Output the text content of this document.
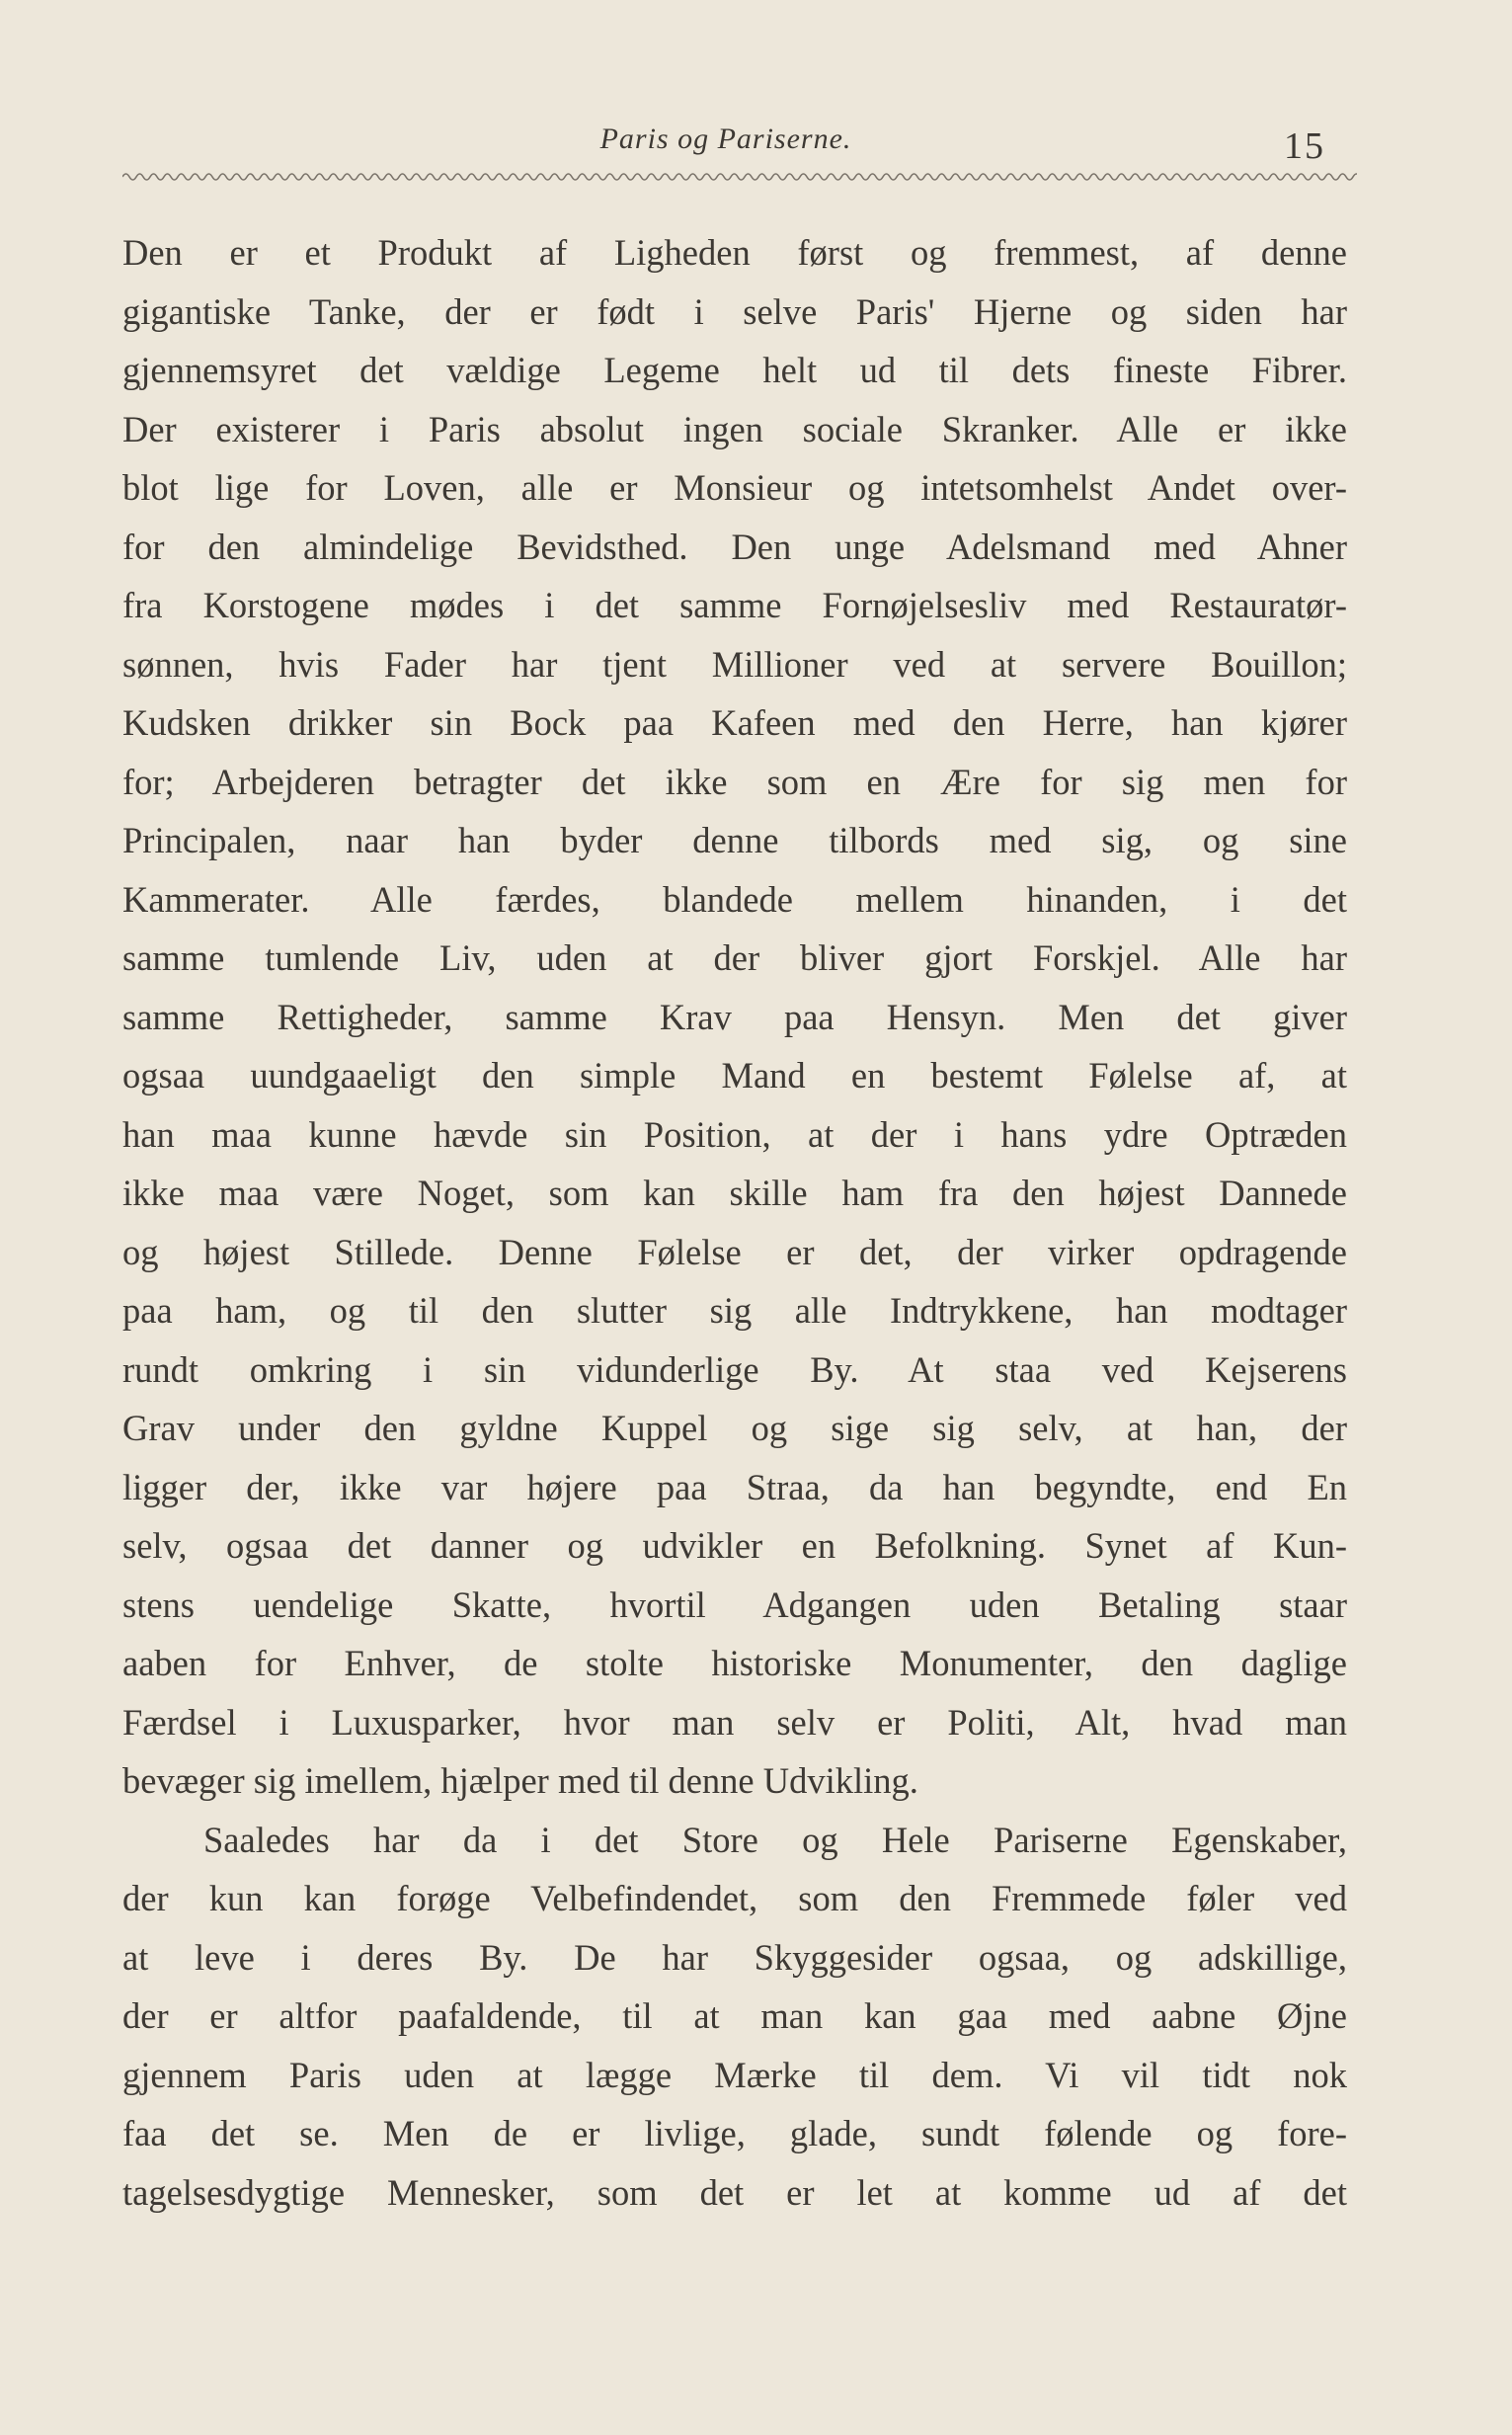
Paris og Pariserne.	15
Den er et Produkt af Ligheden først og fremmest, af denne
gigantiske Tanke, der er født i selve Paris' Hjerne og siden har
gjennemsyret det vældige Legeme helt ud til dets fineste Fibrer.
Der existerer i Paris absolut ingen sociale Skranker. Alle er ikke
blot lige for Loven, alle er Monsieur og intetsomhelst Andet over-
for den almindelige Bevidsthed. Den unge Adelsmand med Ahner
fra Korstogene mødes i det samme Fornøjelsesliv med Restauratør-
sønnen, hvis Fader har tjent Millioner ved at servere Bouillon;
Kudsken drikker sin Bock paa Kafeen med den Herre, han kjører
for; Arbejderen betragter det ikke som en Ære for sig men for
Principalen, naar han byder denne tilbords med sig, og sine
Kammerater. Alle færdes, blandede mellem hinanden, i det
samme tumlende Liv, uden at der bliver gjort Forskjel. Alle har
samme Rettigheder, samme Krav paa Hensyn. Men det giver
ogsaa uundgaaeligt den simple Mand en bestemt Følelse af, at
han maa kunne hævde sin Position, at der i hans ydre Optræden
ikke maa være Noget, som kan skille ham fra den højest Dannede
og højest Stillede. Denne Følelse er det, der virker opdragende
paa ham, og til den slutter sig alle Indtrykkene, han modtager
rundt omkring i sin vidunderlige By. At staa ved Kejserens
Grav under den gyldne Kuppel og sige sig selv, at han, der
ligger der, ikke var højere paa Straa, da han begyndte, end En
selv, ogsaa det danner og udvikler en Befolkning. Synet af Kun-
stens uendelige Skatte, hvortil Adgangen uden Betaling staar
aaben for Enhver, de stolte historiske Monumenter, den daglige
Færdsel i Luxusparker, hvor man selv er Politi, Alt, hvad man
bevæger sig imellem, hjælper med til denne Udvikling.
Saaledes har da i det Store og Hele Pariserne Egenskaber,
der kun kan forøge Velbefindendet, som den Fremmede føler ved
at leve i deres By. De har Skyggesider ogsaa, og adskillige,
der er altfor paafaldende, til at man kan gaa med aabne Øjne
gjennem Paris uden at lægge Mærke til dem. Vi vil tidt nok
faa det se. Men de er livlige, glade, sundt følende og fore-
tagelsesdygtige Mennesker, som det er let at komme ud af det
